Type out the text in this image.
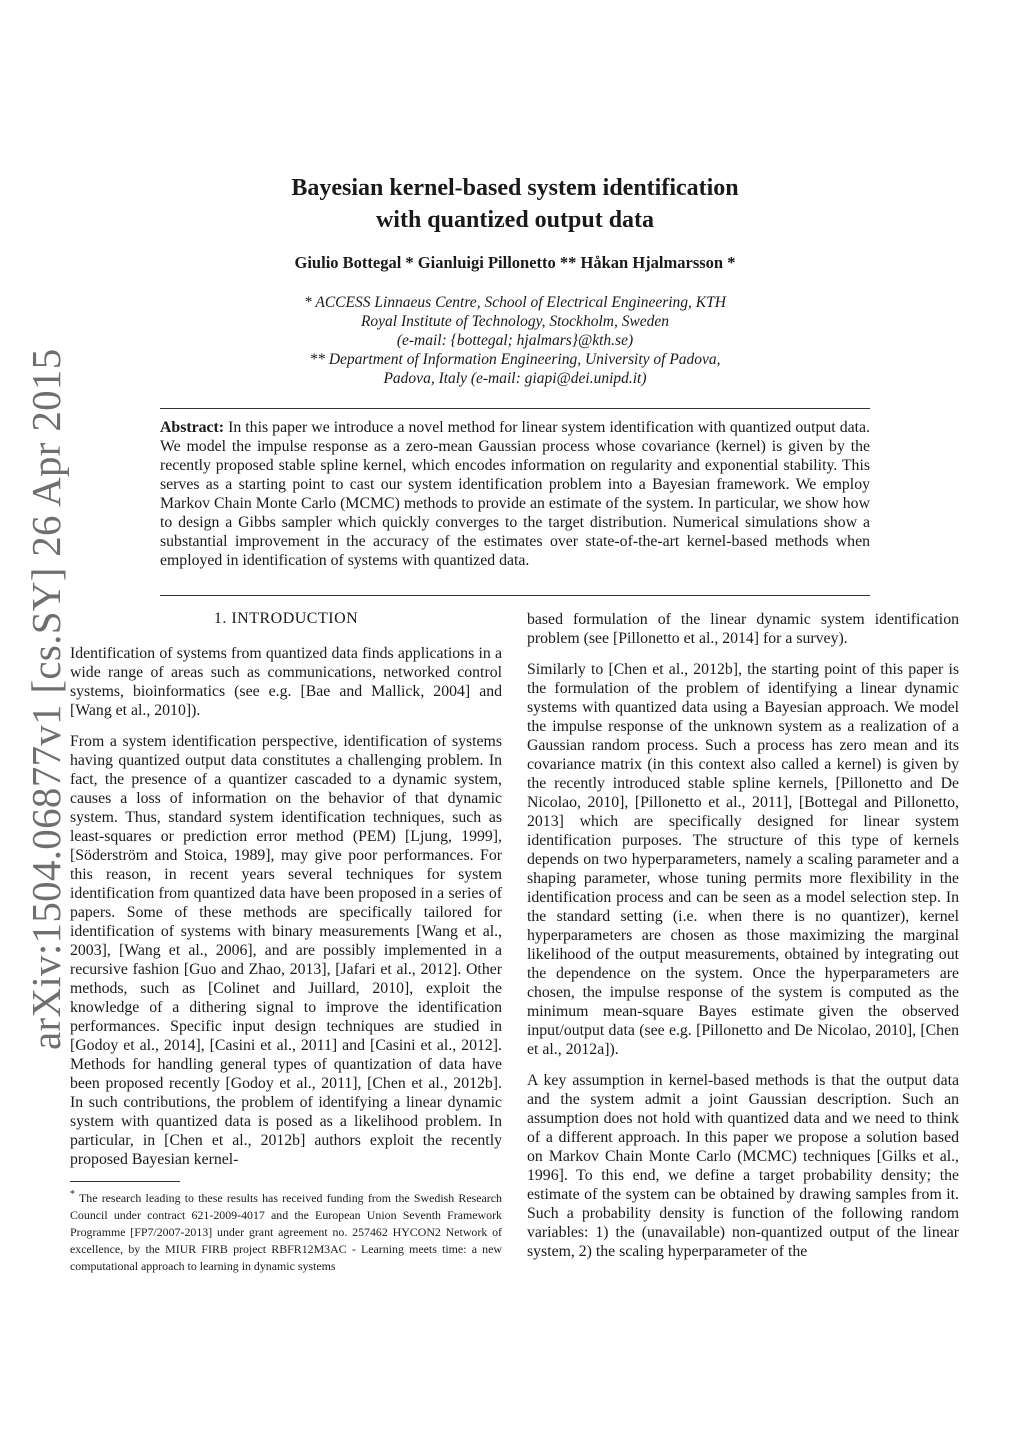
arXiv:1504.06877v1 [cs.SY] 26 Apr 2015
Bayesian kernel-based system identification
with quantized output data
Giulio Bottegal * Gianluigi Pillonetto ** Håkan Hjalmarsson *
* ACCESS Linnaeus Centre, School of Electrical Engineering, KTH
Royal Institute of Technology, Stockholm, Sweden
(e-mail: {bottegal; hjalmars}@kth.se)
** Department of Information Engineering, University of Padova,
Padova, Italy (e-mail: giapi@dei.unipd.it)
Abstract: In this paper we introduce a novel method for linear system identification with quantized output data. We model the impulse response as a zero-mean Gaussian process whose covariance (kernel) is given by the recently proposed stable spline kernel, which encodes information on regularity and exponential stability. This serves as a starting point to cast our system identification problem into a Bayesian framework. We employ Markov Chain Monte Carlo (MCMC) methods to provide an estimate of the system. In particular, we show how to design a Gibbs sampler which quickly converges to the target distribution. Numerical simulations show a substantial improvement in the accuracy of the estimates over state-of-the-art kernel-based methods when employed in identification of systems with quantized data.
1. INTRODUCTION

Identification of systems from quantized data finds applications in a wide range of areas such as communications, networked control systems, bioinformatics (see e.g. [Bae and Mallick, 2004] and [Wang et al., 2010]).

From a system identification perspective, identification of systems having quantized output data constitutes a challenging problem. In fact, the presence of a quantizer cascaded to a dynamic system, causes a loss of information on the behavior of that dynamic system. Thus, standard system identification techniques, such as least-squares or prediction error method (PEM) [Ljung, 1999], [Söderström and Stoica, 1989], may give poor performances. For this reason, in recent years several techniques for system identification from quantized data have been proposed in a series of papers. Some of these methods are specifically tailored for identification of systems with binary measurements [Wang et al., 2003], [Wang et al., 2006], and are possibly implemented in a recursive fashion [Guo and Zhao, 2013], [Jafari et al., 2012]. Other methods, such as [Colinet and Juillard, 2010], exploit the knowledge of a dithering signal to improve the identification performances. Specific input design techniques are studied in [Godoy et al., 2014], [Casini et al., 2011] and [Casini et al., 2012]. Methods for handling general types of quantization of data have been proposed recently [Godoy et al., 2011], [Chen et al., 2012b]. In such contributions, the problem of identifying a linear dynamic system with quantized data is posed as a likelihood problem. In particular, in [Chen et al., 2012b] authors exploit the recently proposed Bayesian kernel-

* The research leading to these results has received funding from the Swedish Research Council under contract 621-2009-4017 and the European Union Seventh Framework Programme [FP7/2007-2013] under grant agreement no. 257462 HYCON2 Network of excellence, by the MIUR FIRB project RBFR12M3AC - Learning meets time: a new computational approach to learning in dynamic systems

based formulation of the linear dynamic system identification problem (see [Pillonetto et al., 2014] for a survey).

Similarly to [Chen et al., 2012b], the starting point of this paper is the formulation of the problem of identifying a linear dynamic systems with quantized data using a Bayesian approach. We model the impulse response of the unknown system as a realization of a Gaussian random process. Such a process has zero mean and its covariance matrix (in this context also called a kernel) is given by the recently introduced stable spline kernels, [Pillonetto and De Nicolao, 2010], [Pillonetto et al., 2011], [Bottegal and Pillonetto, 2013] which are specifically designed for linear system identification purposes. The structure of this type of kernels depends on two hyperparameters, namely a scaling parameter and a shaping parameter, whose tuning permits more flexibility in the identification process and can be seen as a model selection step. In the standard setting (i.e. when there is no quantizer), kernel hyperparameters are chosen as those maximizing the marginal likelihood of the output measurements, obtained by integrating out the dependence on the system. Once the hyperparameters are chosen, the impulse response of the system is computed as the minimum mean-square Bayes estimate given the observed input/output data (see e.g. [Pillonetto and De Nicolao, 2010], [Chen et al., 2012a]).

A key assumption in kernel-based methods is that the output data and the system admit a joint Gaussian description. Such an assumption does not hold with quantized data and we need to think of a different approach. In this paper we propose a solution based on Markov Chain Monte Carlo (MCMC) techniques [Gilks et al., 1996]. To this end, we define a target probability density; the estimate of the system can be obtained by drawing samples from it. Such a probability density is function of the following random variables: 1) the (unavailable) non-quantized output of the linear system, 2) the scaling hyperparameter of the
